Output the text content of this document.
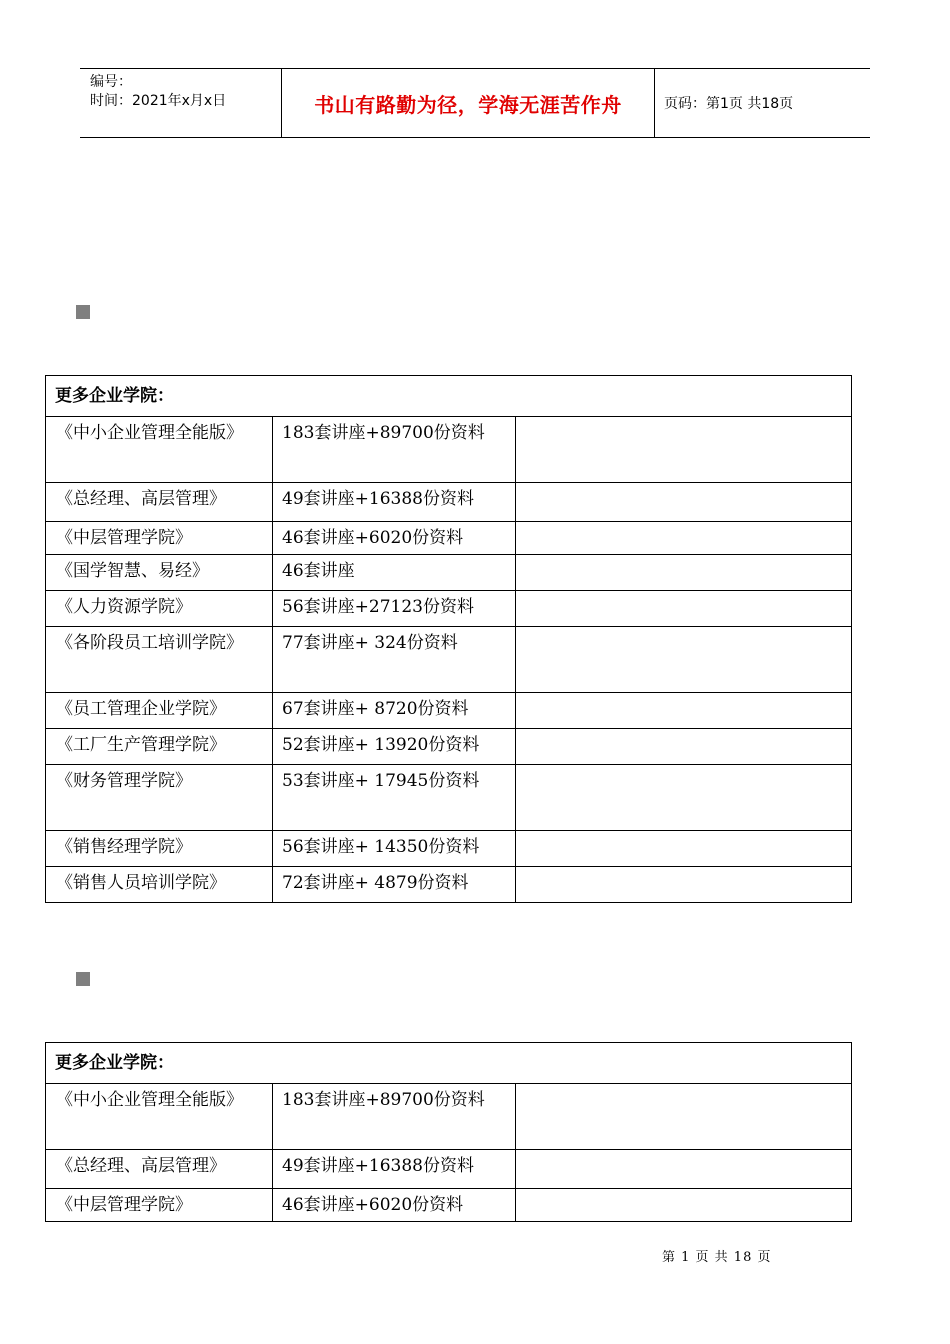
编号：
时间：2021年x月x日	书山有路勤为径，学海无涯苦作舟	页码：第1页 共18页
更多企业学院：		
《中小企业管理全能版》	183套讲座+89700份资料	
《总经理、高层管理》	49套讲座+16388份资料	
《中层管理学院》	46套讲座+6020份资料	
《国学智慧、易经》	46套讲座	
《人力资源学院》	56套讲座+27123份资料	
《各阶段员工培训学院》	77套讲座+ 324份资料	
《员工管理企业学院》	67套讲座+ 8720份资料	
《工厂生产管理学院》	52套讲座+ 13920份资料	
《财务管理学院》	53套讲座+ 17945份资料	
《销售经理学院》	56套讲座+ 14350份资料	
《销售人员培训学院》	72套讲座+ 4879份资料	
更多企业学院：		
《中小企业管理全能版》	183套讲座+89700份资料	
《总经理、高层管理》	49套讲座+16388份资料	
《中层管理学院》	46套讲座+6020份资料	
第 1 页 共 18 页
